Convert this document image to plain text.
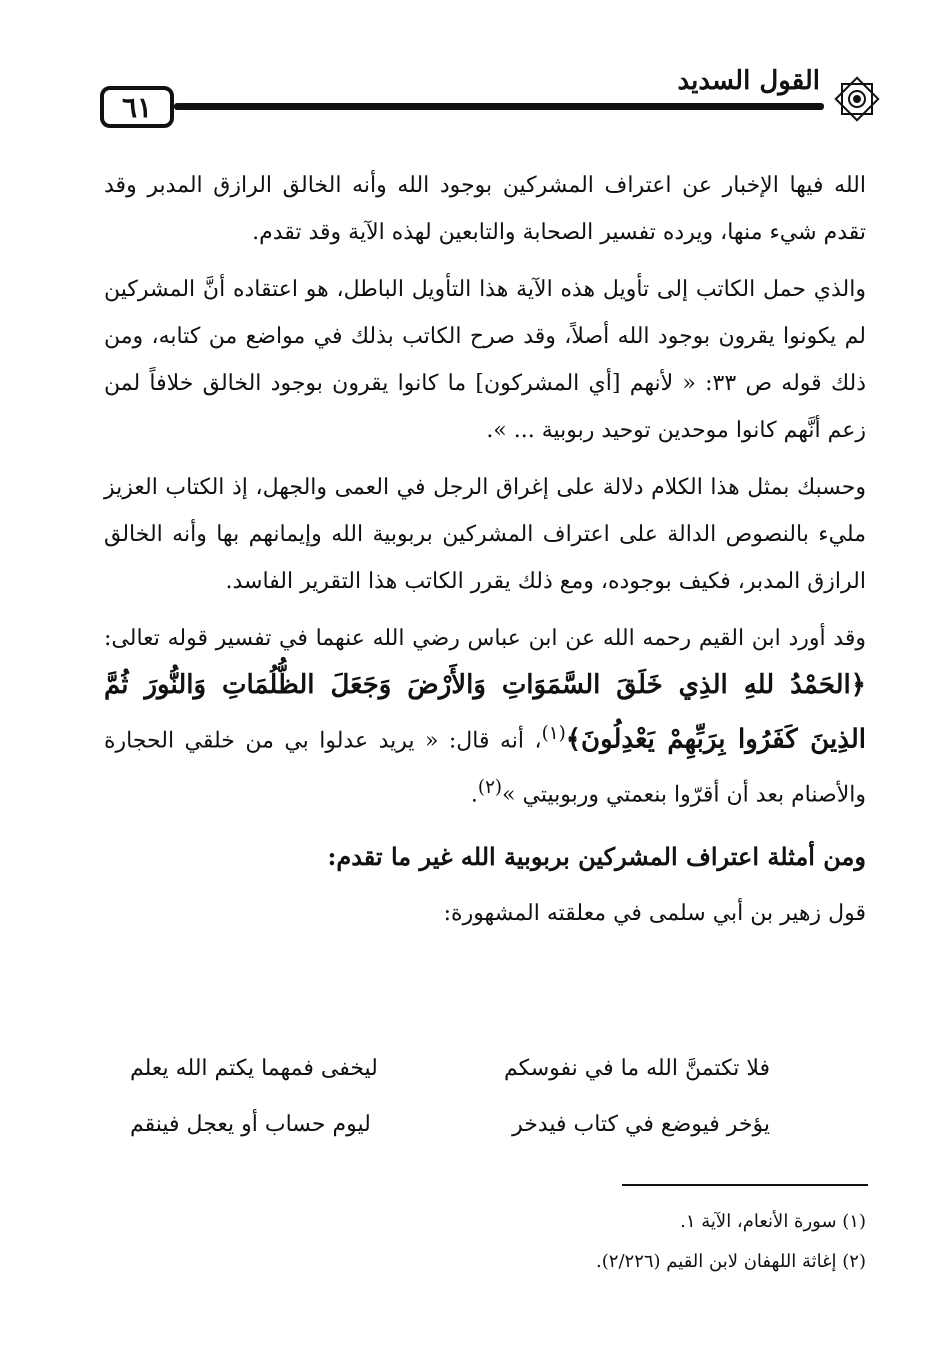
٦١
القول السديد

الله فيها الإخبار عن اعتراف المشركين بوجود الله وأنه الخالق الرازق المدبر وقد تقدم شيء منها، ويرده تفسير الصحابة والتابعين لهذه الآية وقد تقدم.

والذي حمل الكاتب إلى تأويل هذه الآية هذا التأويل الباطل، هو اعتقاده أنَّ المشركين لم يكونوا يقرون بوجود الله أصلاً، وقد صرح الكاتب بذلك في مواضع من كتابه، ومن ذلك قوله ص ٣٣: « لأنهم [أي المشركون] ما كانوا يقرون بوجود الخالق خلافاً لمن زعم أنَّهم كانوا موحدين توحيد ربوبية ... ».

وحسبك بمثل هذا الكلام دلالة على إغراق الرجل في العمى والجهل، إذ الكتاب العزيز مليء بالنصوص الدالة على اعتراف المشركين بربوبية الله وإيمانهم بها وأنه الخالق الرازق المدبر، فكيف بوجوده، ومع ذلك يقرر الكاتب هذا التقرير الفاسد.

وقد أورد ابن القيم رحمه الله عن ابن عباس رضي الله عنهما في تفسير قوله تعالى: ﴿الحَمْدُ للهِ الذِي خَلَقَ السَّمَوَاتِ وَالأَرْضَ وَجَعَلَ الظُّلُمَاتِ وَالنُّورَ ثُمَّ الذِينَ كَفَرُوا بِرَبِّهِمْ يَعْدِلُونَ﴾$^{(١)}$، أنه قال: « يريد عدلوا بي من خلقي الحجارة والأصنام بعد أن أقرّوا بنعمتي وربوبيتي »$^{(٢)}$.

ومن أمثلة اعتراف المشركين بربوبية الله غير ما تقدم:

قول زهير بن أبي سلمى في معلقته المشهورة:

فلا تكتمنَّ الله ما في نفوسكم
ليخفى فمهما يكتم الله يعلم
يؤخر فيوضع في كتاب فيدخر
ليوم حساب أو يعجل فينقم
(١) سورة الأنعام، الآية ١.
(٢) إغاثة اللهفان لابن القيم (٢/٢٢٦).
